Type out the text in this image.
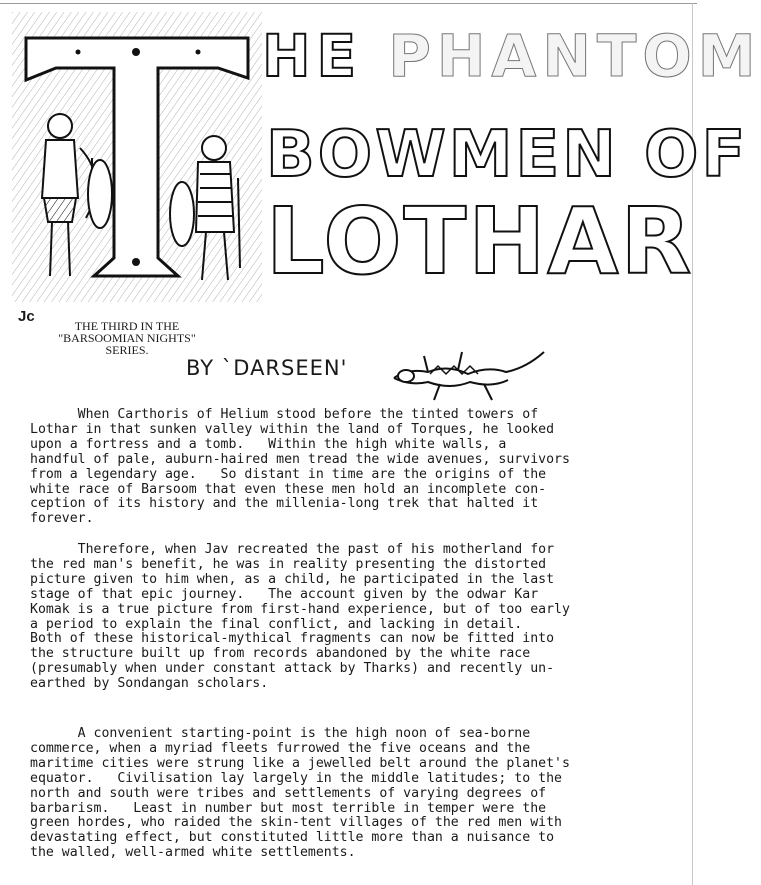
HE PHANTOM
BOWMEN OF
LOTHAR
Jc
THE THIRD IN THE
"BARSOOMIAN NIGHTS"
SERIES.
BY `DARSEEN'
When Carthoris of Helium stood before the tinted towers of
Lothar in that sunken valley within the land of Torques, he looked
upon a fortress and a tomb.   Within the high white walls, a
handful of pale, auburn-haired men tread the wide avenues, survivors
from a legendary age.   So distant in time are the origins of the
white race of Barsoom that even these men hold an incomplete con-
ception of its history and the millenia-long trek that halted it
forever.
Therefore, when Jav recreated the past of his motherland for
the red man's benefit, he was in reality presenting the distorted
picture given to him when, as a child, he participated in the last
stage of that epic journey.   The account given by the odwar Kar
Komak is a true picture from first-hand experience, but of too early
a period to explain the final conflict, and lacking in detail.
Both of these historical-mythical fragments can now be fitted into
the structure built up from records abandoned by the white race
(presumably when under constant attack by Tharks) and recently un-
earthed by Sondangan scholars.
A convenient starting-point is the high noon of sea-borne
commerce, when a myriad fleets furrowed the five oceans and the
maritime cities were strung like a jewelled belt around the planet's
equator.   Civilisation lay largely in the middle latitudes; to the
north and south were tribes and settlements of varying degrees of
barbarism.   Least in number but most terrible in temper were the
green hordes, who raided the skin-tent villages of the red men with
devastating effect, but constituted little more than a nuisance to
the walled, well-armed white settlements.
